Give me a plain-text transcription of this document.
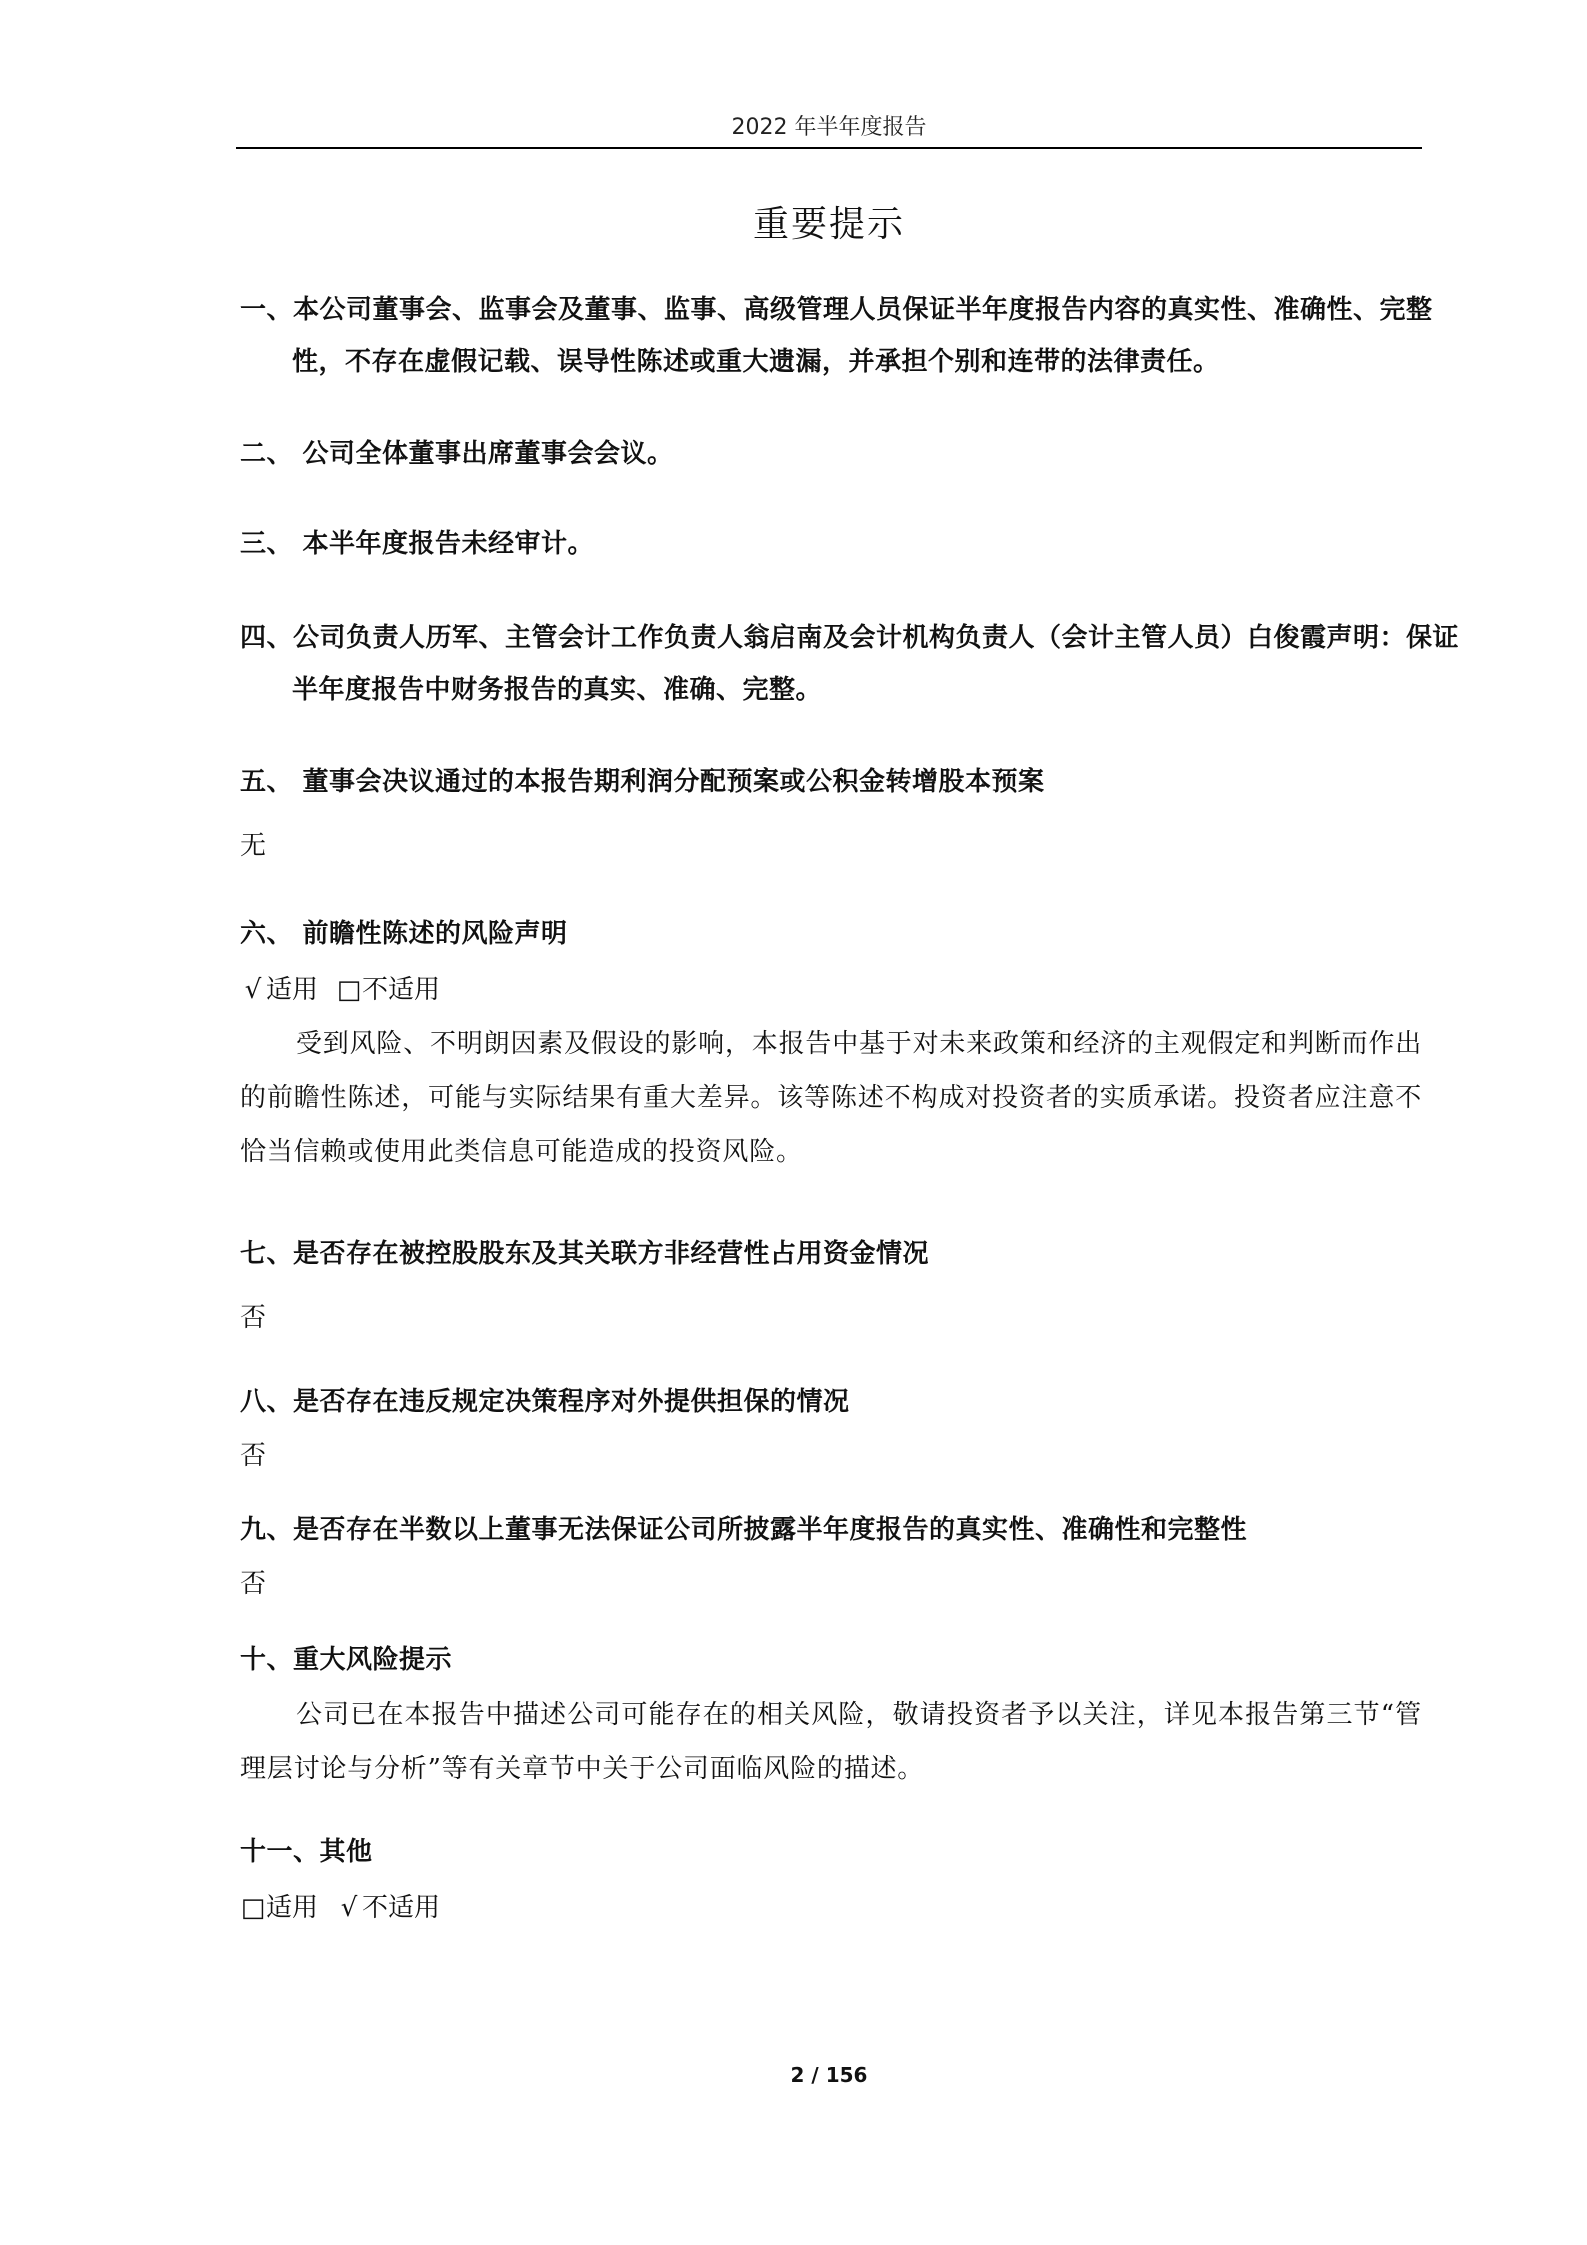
2022 年半年度报告
重要提示
一、本公司董事会、监事会及董事、监事、高级管理人员保证半年度报告内容的真实性、准确性、完整性，不存在虚假记载、误导性陈述或重大遗漏，并承担个别和连带的法律责任。
二、 公司全体董事出席董事会会议。
三、 本半年度报告未经审计。
四、公司负责人历军、主管会计工作负责人翁启南及会计机构负责人（会计主管人员）白俊霞声明：保证半年度报告中财务报告的真实、准确、完整。
五、 董事会决议通过的本报告期利润分配预案或公积金转增股本预案
无
六、 前瞻性陈述的风险声明
√ 适用 □不适用
受到风险、不明朗因素及假设的影响，本报告中基于对未来政策和经济的主观假定和判断而作出的前瞻性陈述，可能与实际结果有重大差异。该等陈述不构成对投资者的实质承诺。投资者应注意不恰当信赖或使用此类信息可能造成的投资风险。
七、是否存在被控股股东及其关联方非经营性占用资金情况
否
八、是否存在违反规定决策程序对外提供担保的情况
否
九、是否存在半数以上董事无法保证公司所披露半年度报告的真实性、准确性和完整性
否
十、重大风险提示
公司已在本报告中描述公司可能存在的相关风险，敬请投资者予以关注，详见本报告第三节“管理层讨论与分析”等有关章节中关于公司面临风险的描述。
十一、其他
□适用 √ 不适用
2 / 156
